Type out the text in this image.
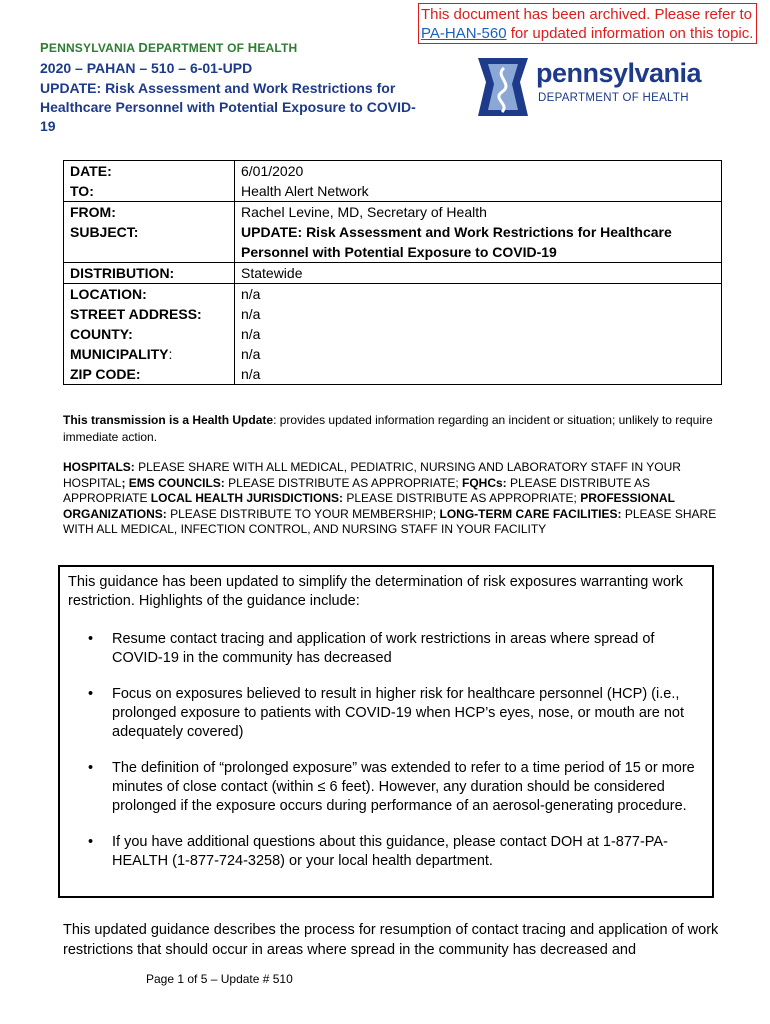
This document has been archived. Please refer to PA-HAN-560 for updated information on this topic.
PENNSYLVANIA DEPARTMENT OF HEALTH
2020 – PAHAN – 510 – 6-01-UPD
UPDATE: Risk Assessment and Work Restrictions for Healthcare Personnel with Potential Exposure to COVID-19
pennsylvania
DEPARTMENT OF HEALTH
DATE:	6/01/2020
TO:	Health Alert Network
FROM:	Rachel Levine, MD, Secretary of Health
SUBJECT:	UPDATE: Risk Assessment and Work Restrictions for Healthcare Personnel with Potential Exposure to COVID-19
DISTRIBUTION:	Statewide
LOCATION:	n/a
STREET ADDRESS:	n/a
COUNTY:	n/a
MUNICIPALITY:	n/a
ZIP CODE:	n/a
This transmission is a Health Update: provides updated information regarding an incident or situation; unlikely to require immediate action.
HOSPITALS: PLEASE SHARE WITH ALL MEDICAL, PEDIATRIC, NURSING AND LABORATORY STAFF IN YOUR HOSPITAL; EMS COUNCILS: PLEASE DISTRIBUTE AS APPROPRIATE; FQHCs: PLEASE DISTRIBUTE AS APPROPRIATE LOCAL HEALTH JURISDICTIONS: PLEASE DISTRIBUTE AS APPROPRIATE; PROFESSIONAL ORGANIZATIONS: PLEASE DISTRIBUTE TO YOUR MEMBERSHIP; LONG-TERM CARE FACILITIES: PLEASE SHARE WITH ALL MEDICAL, INFECTION CONTROL, AND NURSING STAFF IN YOUR FACILITY
This guidance has been updated to simplify the determination of risk exposures warranting work restriction. Highlights of the guidance include:
• Resume contact tracing and application of work restrictions in areas where spread of COVID-19 in the community has decreased
• Focus on exposures believed to result in higher risk for healthcare personnel (HCP) (i.e., prolonged exposure to patients with COVID-19 when HCP’s eyes, nose, or mouth are not adequately covered)
• The definition of “prolonged exposure” was extended to refer to a time period of 15 or more minutes of close contact (within ≤ 6 feet). However, any duration should be considered prolonged if the exposure occurs during performance of an aerosol-generating procedure.
• If you have additional questions about this guidance, please contact DOH at 1-877-PA-HEALTH (1-877-724-3258) or your local health department.
This updated guidance describes the process for resumption of contact tracing and application of work restrictions that should occur in areas where spread in the community has decreased and
Page 1 of 5 – Update # 510
